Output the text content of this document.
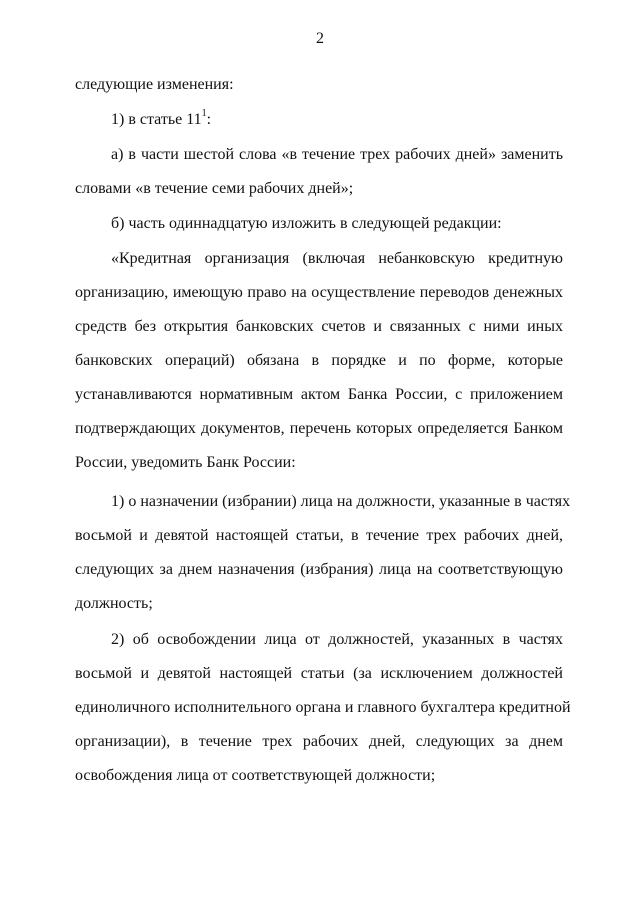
2
следующие изменения:
1) в статье $11^1$:
а) в части шестой слова «в течение трех рабочих дней» заменить
словами «в течение семи рабочих дней»;
б) часть одиннадцатую изложить в следующей редакции:
«Кредитная организация (включая небанковскую кредитную
организацию, имеющую право на осуществление переводов денежных
средств без открытия банковских счетов и связанных с ними иных
банковских операций) обязана в порядке и по форме, которые
устанавливаются нормативным актом Банка России, с приложением
подтверждающих документов, перечень которых определяется Банком
России, уведомить Банк России:
1) о назначении (избрании) лица на должности, указанные в частях
восьмой и девятой настоящей статьи, в течение трех рабочих дней,
следующих за днем назначения (избрания) лица на соответствующую
должность;
2) об освобождении лица от должностей, указанных в частях
восьмой и девятой настоящей статьи (за исключением должностей
единоличного исполнительного органа и главного бухгалтера кредитной
организации), в течение трех рабочих дней, следующих за днем
освобождения лица от соответствующей должности;
